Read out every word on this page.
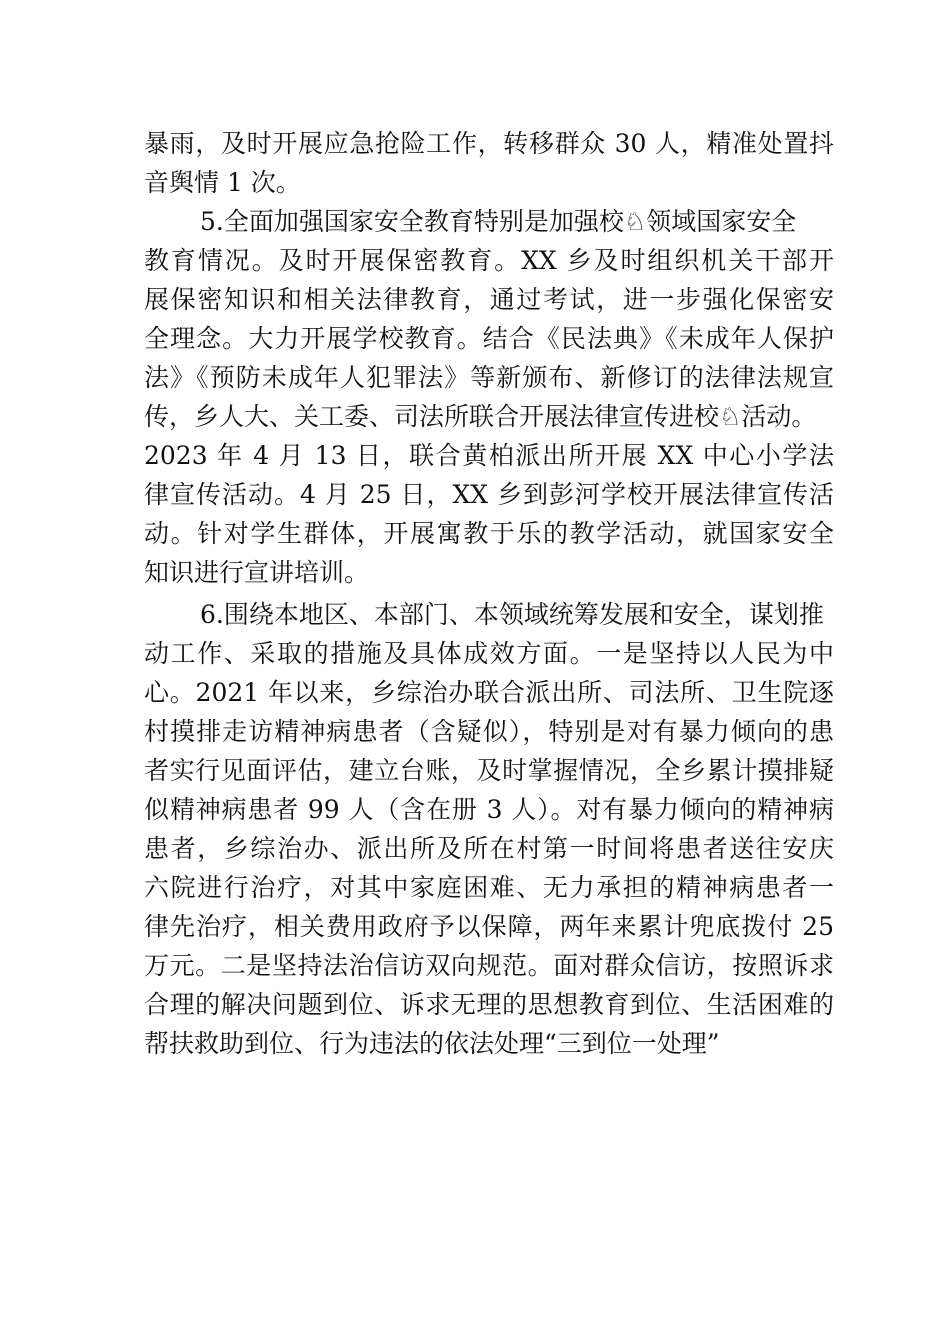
暴雨，及时开展应急抢险工作，转移群众 30 人，精准处置抖
音舆情 1 次。
5.全面加强国家安全教育特别是加强校♘领域国家安全
教育情况。及时开展保密教育。XX 乡及时组织机关干部开
展保密知识和相关法律教育，通过考试，进一步强化保密安
全理念。大力开展学校教育。结合《民法典》《未成年人保护
法》《预防未成年人犯罪法》等新颁布、新修订的法律法规宣
传，乡人大、关工委、司法所联合开展法律宣传进校♘活动。
2023 年 4 月 13 日，联合黄柏派出所开展 XX 中心小学法
律宣传活动。4 月 25 日，XX 乡到彭河学校开展法律宣传活
动。针对学生群体，开展寓教于乐的教学活动，就国家安全
知识进行宣讲培训。
6.围绕本地区、本部门、本领域统筹发展和安全，谋划推
动工作、采取的措施及具体成效方面。一是坚持以人民为中
心。2021 年以来，乡综治办联合派出所、司法所、卫生院逐
村摸排走访精神病患者（含疑似），特别是对有暴力倾向的患
者实行见面评估，建立台账，及时掌握情况，全乡累计摸排疑
似精神病患者 99 人（含在册 3 人）。对有暴力倾向的精神病
患者，乡综治办、派出所及所在村第一时间将患者送往安庆
六院进行治疗，对其中家庭困难、无力承担的精神病患者一
律先治疗，相关费用政府予以保障，两年来累计兜底拨付 25
万元。二是坚持法治信访双向规范。面对群众信访，按照诉求
合理的解决问题到位、诉求无理的思想教育到位、生活困难的
帮扶救助到位、行为违法的依法处理“三到位一处理”
